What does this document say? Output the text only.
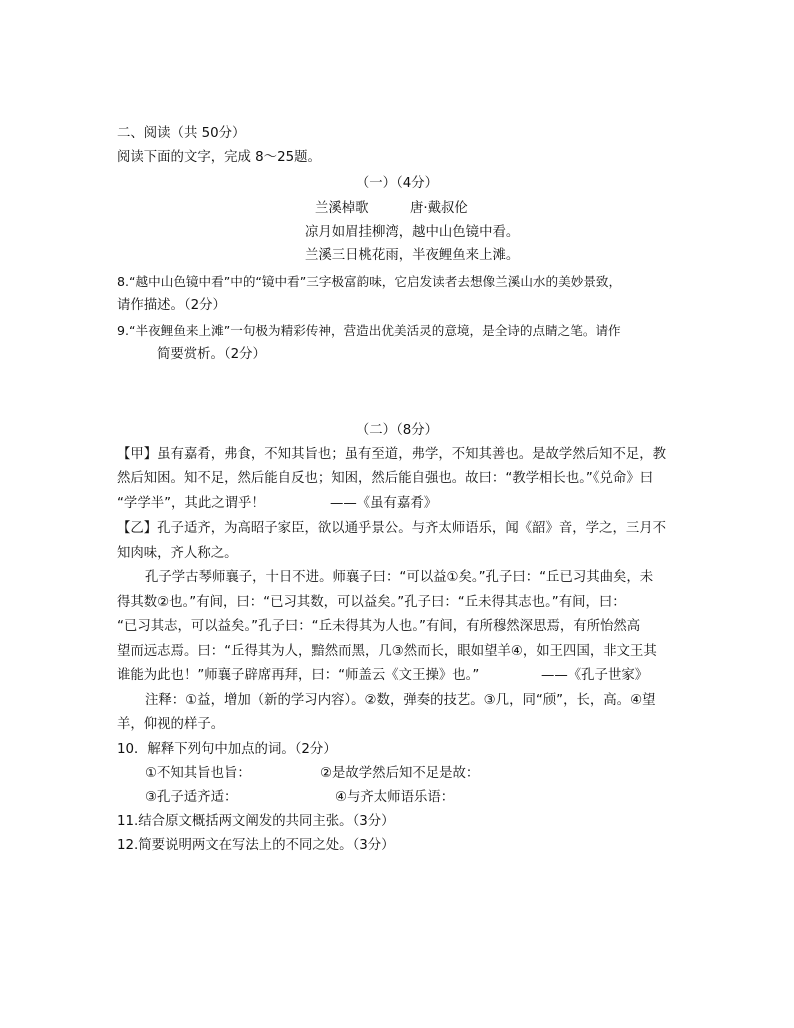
二、阅读（共 50分）
阅读下面的文字，完成 8～25题。
（一）（4分）
兰溪棹歌	唐·戴叔伦
凉月如眉挂柳湾，越中山色镜中看。
兰溪三日桃花雨，半夜鲤鱼来上滩。
8.“越中山色镜中看”中的“镜中看”三字极富韵味，它启发读者去想像兰溪山水的美妙景致，
请作描述。（2分）
9.“半夜鲤鱼来上滩”一句极为精彩传神，营造出优美活灵的意境，是全诗的点睛之笔。请作
简要赏析。（2分）
（二）（8分）
【甲】虽有嘉肴，弗食，不知其旨也；虽有至道，弗学，不知其善也。是故学然后知不足，教
然后知困。知不足，然后能自反也；知困，然后能自强也。故曰：“教学相长也。”《兑命》曰
“学学半”，其此之谓乎！	——《虽有嘉肴》
【乙】孔子适齐，为高昭子家臣，欲以通乎景公。与齐太师语乐，闻《韶》音，学之，三月不
知肉味，齐人称之。
孔子学古琴师襄子，十日不进。师襄子曰：“可以益①矣。”孔子曰：“丘已习其曲矣，未
得其数②也。”有间，曰：“已习其数，可以益矣。”孔子曰：“丘未得其志也。”有间，曰：
“已习其志，可以益矣。”孔子曰：“丘未得其为人也。”有间，有所穆然深思焉，有所怡然高
望而远志焉。曰：“丘得其为人，黯然而黑，几③然而长，眼如望羊④，如王四国，非文王其
谁能为此也！”师襄子辟席再拜，曰：“师盖云《文王操》也。”	——《孔子世家》
注释：①益，增加（新的学习内容）。②数，弹奏的技艺。③几，同“颀”，长，高。④望
羊，仰视的样子。
10．解释下列句中加点的词。（2分）
①不知其旨也旨：	②是故学然后知不足是故：
③孔子适齐适：	④与齐太师语乐语：
11.结合原文概括两文阐发的共同主张。（3分）
12.简要说明两文在写法上的不同之处。（3分）
